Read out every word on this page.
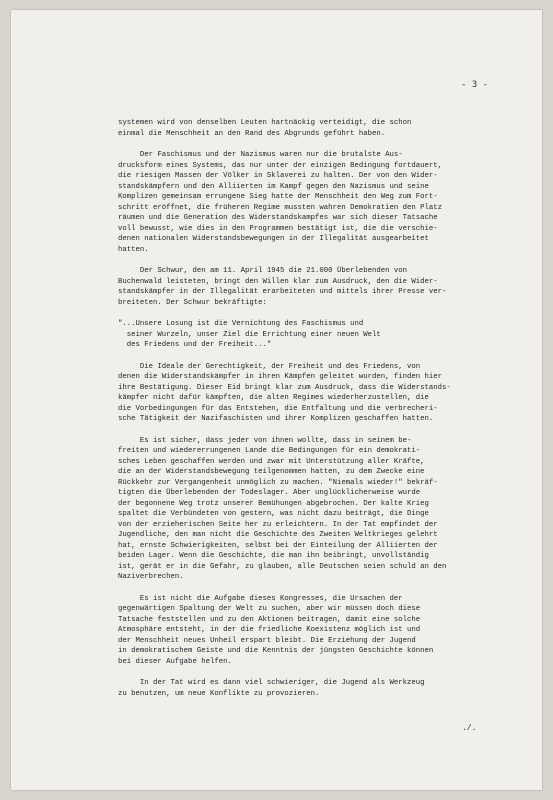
- 3 -
systemen wird von denselben Leuten hartnäckig verteidigt, die schon
einmal die Menschheit an den Rand des Abgrunds geführt haben.
Der Faschismus und der Nazismus waren nur die brutalste Aus-
drucksform eines Systems, das nur unter der einzigen Bedingung fortdauert,
die riesigen Massen der Völker in Sklaverei zu halten. Der von den Wider-
standskämpfern und den Alliierten im Kampf gegen den Nazismus und seine
Komplizen gemeinsam errungene Sieg hatte der Menschheit den Weg zum Fort-
schritt eröffnet, die früheren Regime mussten wahren Demokratien den Platz
räumen und die Generation des Widerstandskampfes war sich dieser Tatsache
voll bewusst, wie dies in den Programmen bestätigt ist, die die verschie-
denen nationalen Widerstandsbewegungen in der Illegalität ausgearbeitet
hatten.
Der Schwur, den am 11. April 1945 die 21.000 Überlebenden von
Buchenwald leisteten, bringt den Willen klar zum Ausdruck, den die Wider-
standskämpfer in der Illegalität erarbeiteten und mittels ihrer Presse ver-
breiteten. Der Schwur bekräftigte:
"...Unsere Losung ist die Vernichtung des Faschismus und
seiner Wurzeln, unser Ziel die Errichtung einer neuen Welt
des Friedens und der Freiheit..."
Die Ideale der Gerechtigkeit, der Freiheit und des Friedens, von
denen die Widerstandskämpfer in ihren Kämpfen geleitet wurden, finden hier
ihre Bestätigung. Dieser Eid bringt klar zum Ausdruck, dass die Widerstands-
kämpfer nicht dafür kämpften, die alten Regimes wiederherzustellen, die
die Vorbedingungen für das Entstehen, die Entfaltung und die verbrecheri-
sche Tätigkeit der Nazifaschisten und ihrer Komplizen geschaffen hatten.
Es ist sicher, dass jeder von ihnen wollte, dass in seinem be-
freiten und wiedererrungenen Lande die Bedingungen für ein demokrati-
sches Leben geschaffen werden und zwar mit Unterstützung aller Kräfte,
die an der Widerstandsbewegung teilgenommen hatten, zu dem Zwecke eine
Rückkehr zur Vergangenheit unmöglich zu machen. "Niemals wieder!" bekräf-
tigten die Überlebenden der Todeslager. Aber unglücklicherweise wurde
der begonnene Weg trotz unserer Bemühungen abgebrochen. Der kalte Krieg
spaltet die Verbündeten von gestern, was nicht dazu beiträgt, die Dinge
von der erzieherischen Seite her zu erleichtern. In der Tat empfindet der
Jugendliche, den man nicht die Geschichte des Zweiten Weltkrieges gelehrt
hat, ernste Schwierigkeiten, selbst bei der Einteilung der Alliierten der
beiden Lager. Wenn die Geschichte, die man ihn beibringt, unvollständig
ist, gerät er in die Gefahr, zu glauben, alle Deutschen seien schuld an den
Naziverbrechen.
Es ist nicht die Aufgabe dieses Kongresses, die Ursachen der
gegenwärtigen Spaltung der Welt zu suchen, aber wir müssen doch diese
Tatsache feststellen und zu den Aktionen beitragen, damit eine solche
Atmosphäre entsteht, in der die friedliche Koexistenz möglich ist und
der Menschheit neues Unheil erspart bleibt. Die Erziehung der Jugend
in demokratischem Geiste und die Kenntnis der jüngsten Geschichte können
bei dieser Aufgabe helfen.
In der Tat wird es dann viel schwieriger, die Jugend als Werkzeug
zu benutzen, um neue Konflikte zu provozieren.
./.
